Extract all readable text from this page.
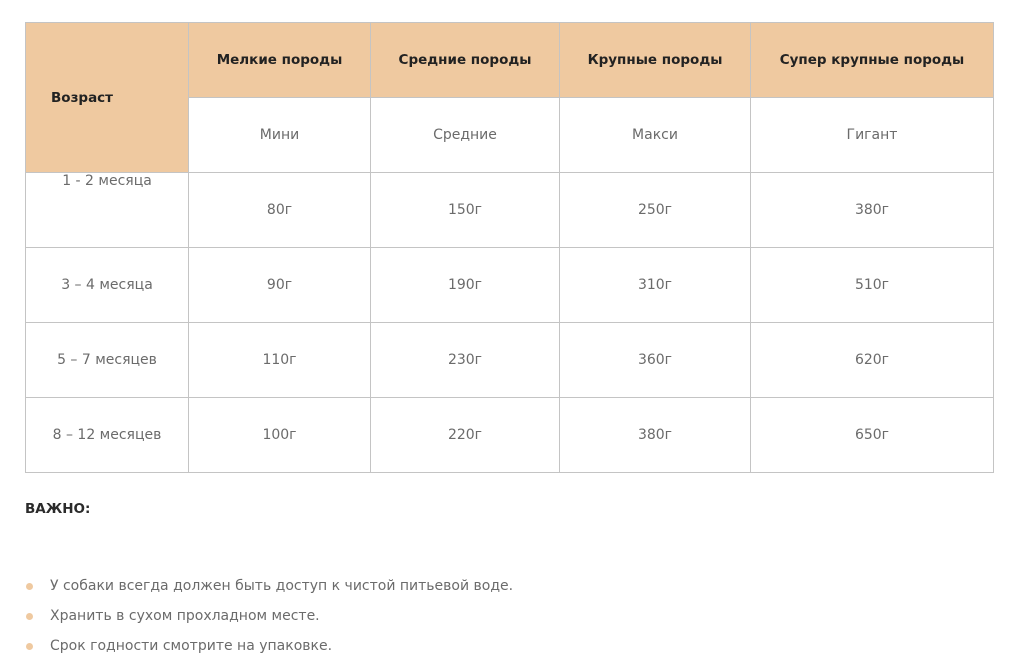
Возраст	Мелкие породы	Средние породы	Крупные породы	Супер крупные породы
	Мини	Средние	Макси	Гигант
1 - 2 месяца	80г	150г	250г	380г
3 – 4 месяца	90г	190г	310г	510г
5 – 7 месяцев	110г	230г	360г	620г
8 – 12 месяцев	100г	220г	380г	650г

ВАЖНО:

У собаки всегда должен быть доступ к чистой питьевой воде.
Хранить в сухом прохладном месте.
Срок годности смотрите на упаковке.
